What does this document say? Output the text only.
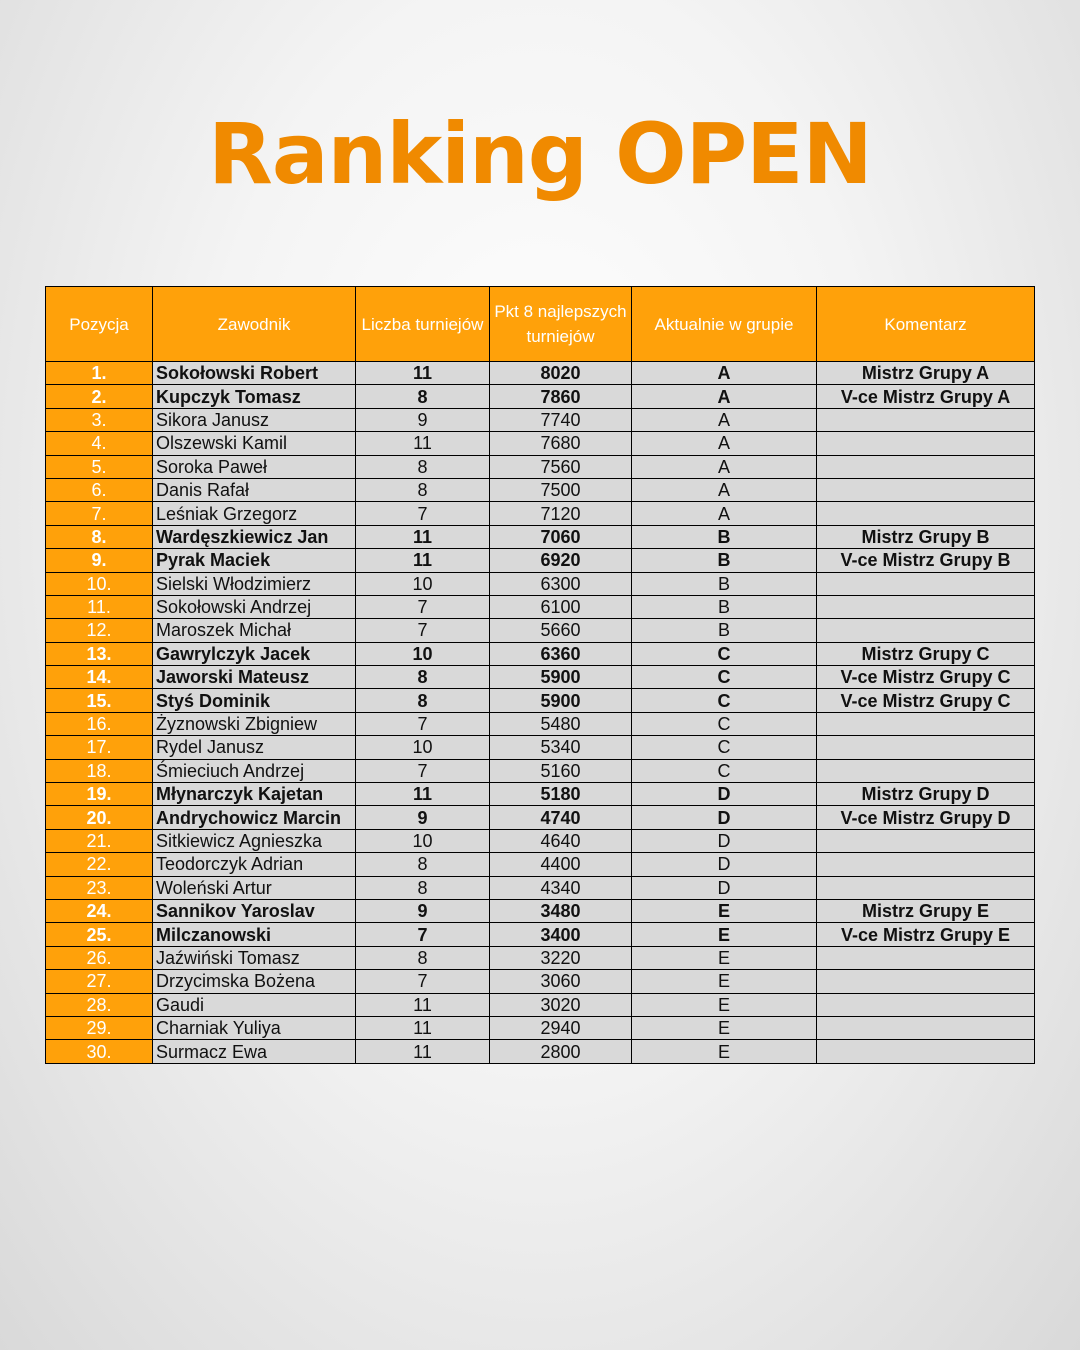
Ranking OPEN
Pozycja	Zawodnik	Liczba turniejów	Pkt 8 najlepszych turniejów	Aktualnie w grupie	Komentarz
1.	Sokołowski Robert	11	8020	A	Mistrz Grupy A
2.	Kupczyk Tomasz	8	7860	A	V-ce Mistrz Grupy A
3.	Sikora Janusz	9	7740	A	
4.	Olszewski Kamil	11	7680	A	
5.	Soroka Paweł	8	7560	A	
6.	Danis Rafał	8	7500	A	
7.	Leśniak Grzegorz	7	7120	A	
8.	Wardęszkiewicz Jan	11	7060	B	Mistrz Grupy B
9.	Pyrak Maciek	11	6920	B	V-ce Mistrz Grupy B
10.	Sielski Włodzimierz	10	6300	B	
11.	Sokołowski Andrzej	7	6100	B	
12.	Maroszek Michał	7	5660	B	
13.	Gawrylczyk Jacek	10	6360	C	Mistrz Grupy C
14.	Jaworski Mateusz	8	5900	C	V-ce Mistrz Grupy C
15.	Styś Dominik	8	5900	C	V-ce Mistrz Grupy C
16.	Żyznowski Zbigniew	7	5480	C	
17.	Rydel Janusz	10	5340	C	
18.	Śmieciuch Andrzej	7	5160	C	
19.	Młynarczyk Kajetan	11	5180	D	Mistrz Grupy D
20.	Andrychowicz Marcin	9	4740	D	V-ce Mistrz Grupy D
21.	Sitkiewicz Agnieszka	10	4640	D	
22.	Teodorczyk Adrian	8	4400	D	
23.	Woleński Artur	8	4340	D	
24.	Sannikov Yaroslav	9	3480	E	Mistrz Grupy E
25.	Milczanowski	7	3400	E	V-ce Mistrz Grupy E
26.	Jaźwiński Tomasz	8	3220	E	
27.	Drzycimska Bożena	7	3060	E	
28.	Gaudi	11	3020	E	
29.	Charniak Yuliya	11	2940	E	
30.	Surmacz Ewa	11	2800	E	
